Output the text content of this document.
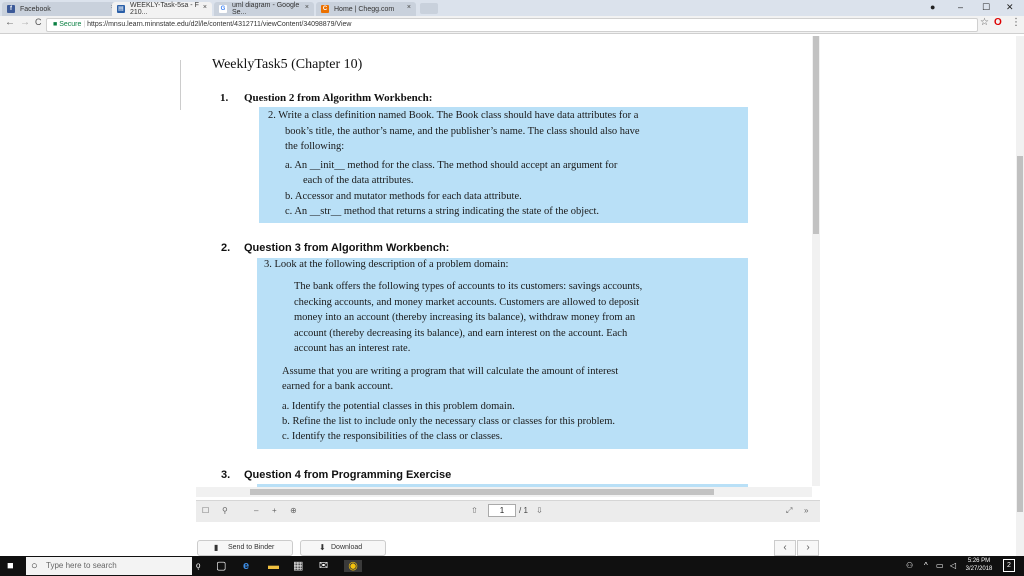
f	Facebook	▤ WEEKLY-Task-5sa - F 210...
× G uml diagram - Google Se...
×	C Home | Chegg.com ×	●	– ☐ ✕
← → C	■ Secure | https://mnsu.learn.minnstate.edu/d2l/le/content/4312711/viewContent/34098879/View	☆ O ⋮
WeeklyTask5 (Chapter 10)
1. Question 2 from Algorithm Workbench:
2. Write a class definition named Book. The Book class should have data attributes for a
book’s title, the author’s name, and the publisher’s name. The class should also have
the following:
a. An __init__ method for the class. The method should accept an argument for
each of the data attributes.
b. Accessor and mutator methods for each data attribute.
c. An __str__ method that returns a string indicating the state of the object.
2. Question 3 from Algorithm Workbench:
3. Look at the following description of a problem domain:
The bank offers the following types of accounts to its customers: savings accounts,
checking accounts, and money market accounts. Customers are allowed to deposit
money into an account (thereby increasing its balance), withdraw money from an
account (thereby decreasing its balance), and earn interest on the account. Each
account has an interest rate.
Assume that you are writing a program that will calculate the amount of interest
earned for a bank account.
a. Identify the potential classes in this problem domain.
b. Refine the list to include only the necessary class or classes for this problem.
c. Identify the responsibilities of the class or classes.
3. Question 4 from Programming Exercise
☐ ⚲	– + ⊕	⇧	⇩	⤢ »
1	/ 1
▮ Send to Binder	⬇ Download	‹	›
■ ○ Type here to search	ǫ ▢ e ▬ ▦ ✉	◉	⚇ ^ ▭ ◁	5:26 PM
3/27/2018	2
